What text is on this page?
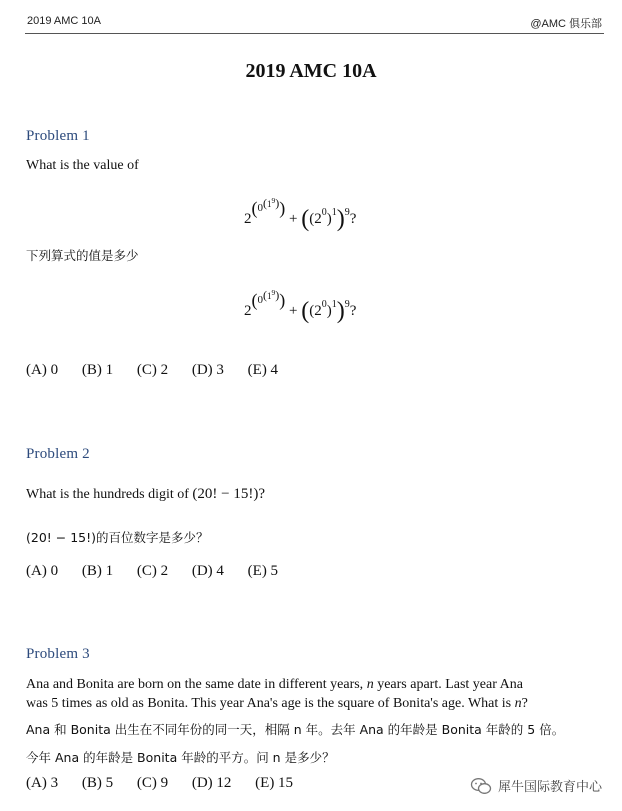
2019 AMC 10A	@AMC 俱乐部
2019 AMC 10A
Problem 1
What is the value of
$2^{(0^{(1^9)})} + ((2^0)^1)^9$?
下列算式的值是多少
$2^{(0^{(1^9)})} + ((2^0)^1)^9$?
(A) 0 (B) 1 (C) 2 (D) 3 (E) 4
Problem 2
What is the hundreds digit of (20! − 15!)?
(20! − 15!)的百位数字是多少？
(A) 0 (B) 1 (C) 2 (D) 4 (E) 5
Problem 3
Ana and Bonita are born on the same date in different years, n years apart. Last year Ana
was 5 times as old as Bonita. This year Ana's age is the square of Bonita's age. What is n?
Ana 和 Bonita 出生在不同年份的同一天，相隔 n 年。去年 Ana 的年龄是 Bonita 年龄的 5 倍。
今年 Ana 的年龄是 Bonita 年龄的平方。问 n 是多少？
(A) 3 (B) 5 (C) 9 (D) 12 (E) 15	犀牛国际教育中心
